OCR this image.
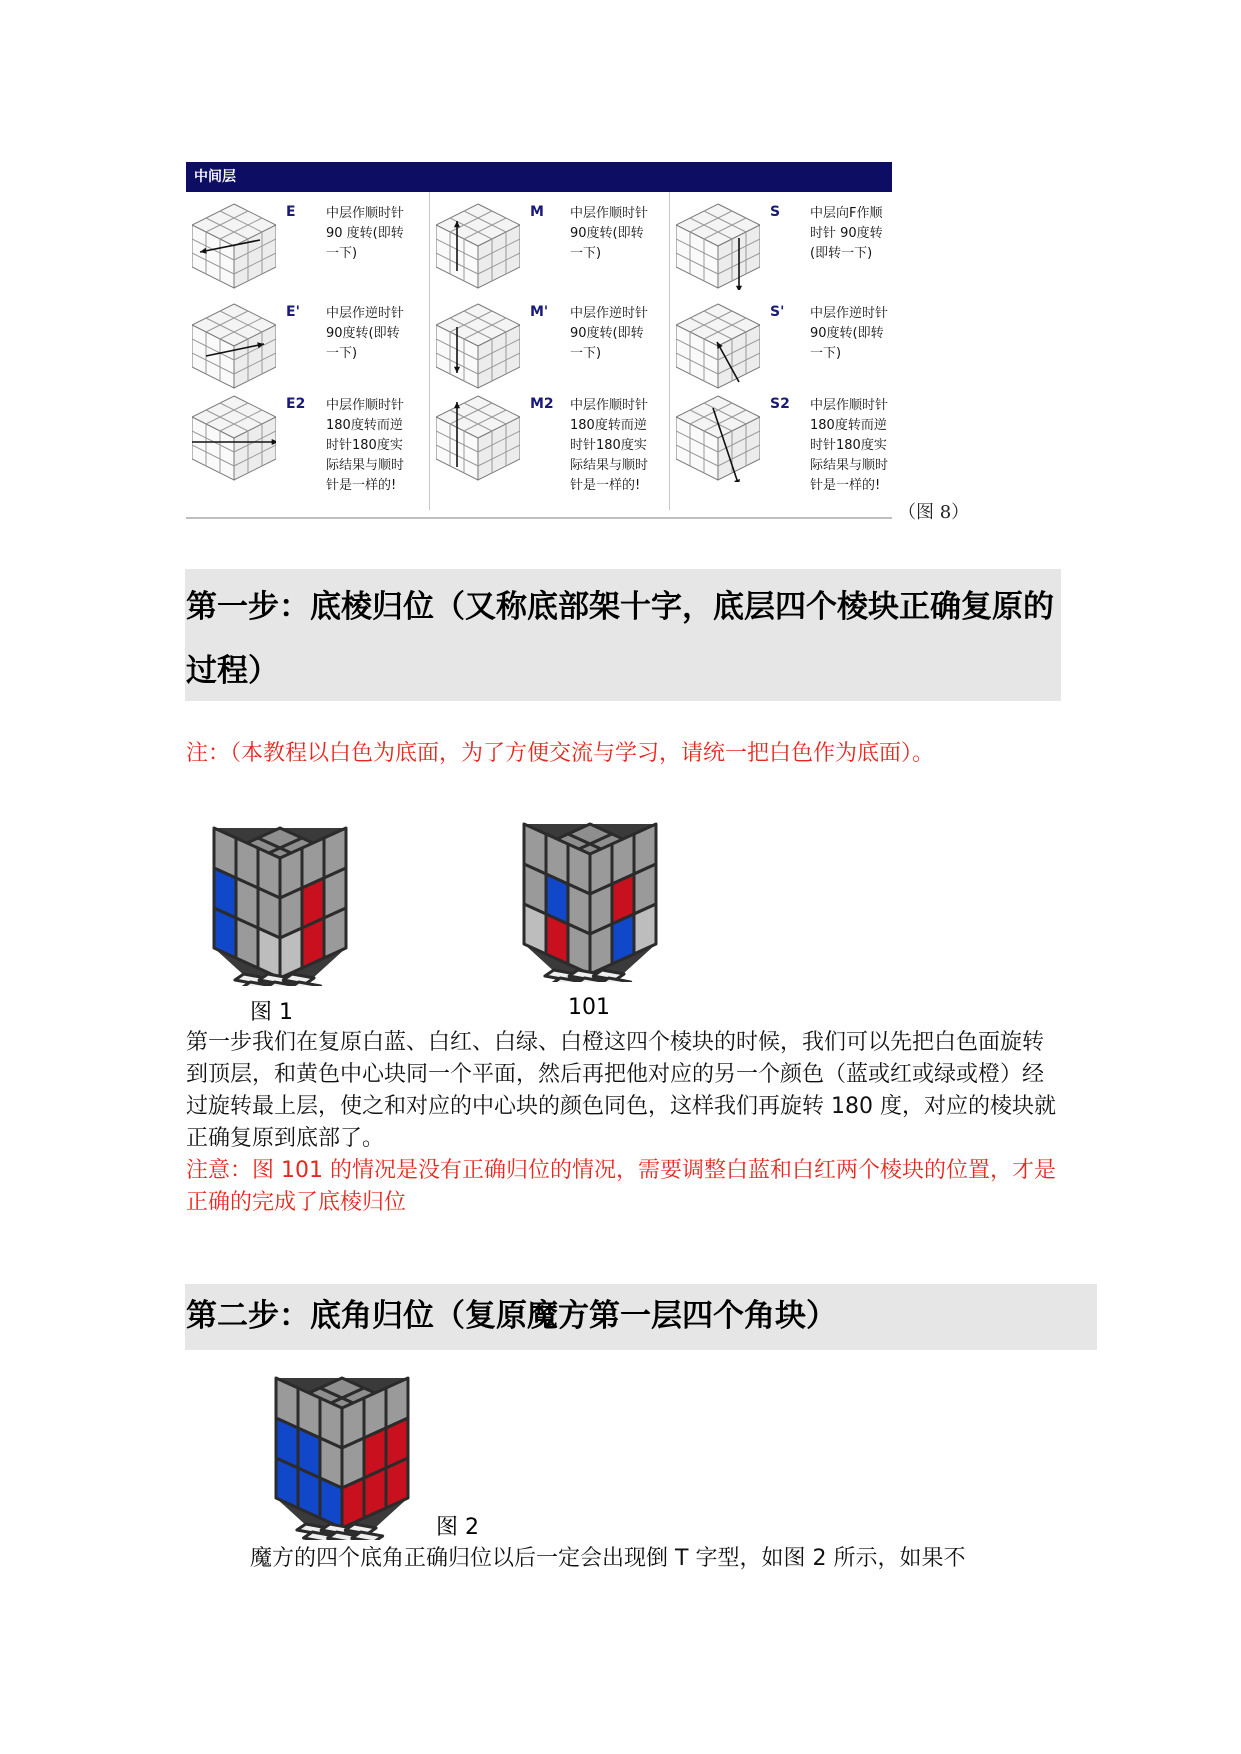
中间层
E 中层作顺时针
90 度转(即转
一下)
E' 中层作逆时针
90度转(即转
一下)
E2 中层作顺时针
180度转而逆
时针180度实
际结果与顺时
针是一样的!
M 中层作顺时针
90度转(即转
一下)
M' 中层作逆时针
90度转(即转
一下)
M2 中层作顺时针
180度转而逆
时针180度实
际结果与顺时
针是一样的!
S 中层向F作顺
时针 90度转
(即转一下)
S' 中层作逆时针
90度转(即转
一下)
S2 中层作顺时针
180度转而逆
时针180度实
际结果与顺时
针是一样的!
（图 8）
第一步：底棱归位（又称底部架十字，底层四个棱块正确复原的过程）
注：（本教程以白色为底面，为了方便交流与学习，请统一把白色作为底面）。
图 1	101
第一步我们在复原白蓝、白红、白绿、白橙这四个棱块的时候，我们可以先把白色面旋转到顶层，和黄色中心块同一个平面，然后再把他对应的另一个颜色（蓝或红或绿或橙）经过旋转最上层，使之和对应的中心块的颜色同色，这样我们再旋转 180 度，对应的棱块就正确复原到底部了。
注意：图 101 的情况是没有正确归位的情况，需要调整白蓝和白红两个棱块的位置，才是正确的完成了底棱归位
第二步：底角归位（复原魔方第一层四个角块）
图 2
魔方的四个底角正确归位以后一定会出现倒 T 字型，如图 2 所示，如果不
